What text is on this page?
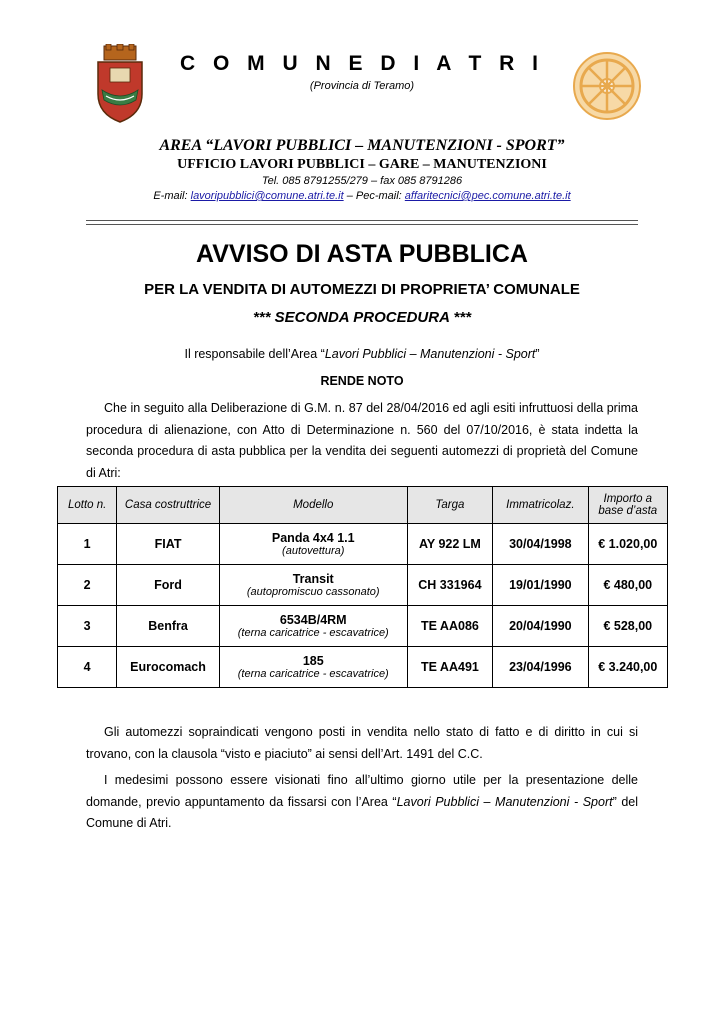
C O M U N E D I A T R I
(Provincia di Teramo)
AREA “LAVORI PUBBLICI – MANUTENZIONI - SPORT”
UFFICIO LAVORI PUBBLICI – GARE – MANUTENZIONI
Tel. 085 8791255/279 – fax 085 8791286
E-mail: lavoripubblici@comune.atri.te.it – Pec-mail: affaritecnici@pec.comune.atri.te.it
AVVISO DI ASTA PUBBLICA
PER LA VENDITA DI AUTOMEZZI DI PROPRIETA’ COMUNALE
*** SECONDA PROCEDURA ***
Il responsabile dell’Area “Lavori Pubblici – Manutenzioni - Sport”
RENDE NOTO
Che in seguito alla Deliberazione di G.M. n. 87 del 28/04/2016 ed agli esiti infruttuosi della prima procedura di alienazione, con Atto di Determinazione n. 560 del 07/10/2016, è stata indetta la seconda procedura di asta pubblica per la vendita dei seguenti automezzi di proprietà del Comune di Atri:
Lotto n.	Casa costruttrice	Modello	Targa	Immatricolaz.	Importo a base d’asta
1	FIAT	Panda 4x4 1.1
(autovettura)	AY 922 LM	30/04/1998	€ 1.020,00
2	Ford	Transit
(autopromiscuo cassonato)	CH 331964	19/01/1990	€ 480,00
3	Benfra	6534B/4RM
(terna caricatrice - escavatrice)	TE AA086	20/04/1990	€ 528,00
4	Eurocomach	185
(terna caricatrice - escavatrice)	TE AA491	23/04/1996	€ 3.240,00
Gli automezzi sopraindicati vengono posti in vendita nello stato di fatto e di diritto in cui si trovano, con la clausola “visto e piaciuto” ai sensi dell’Art. 1491 del C.C.
I medesimi possono essere visionati fino all’ultimo giorno utile per la presentazione delle domande, previo appuntamento da fissarsi con l’Area “Lavori Pubblici – Manutenzioni - Sport” del Comune di Atri.
